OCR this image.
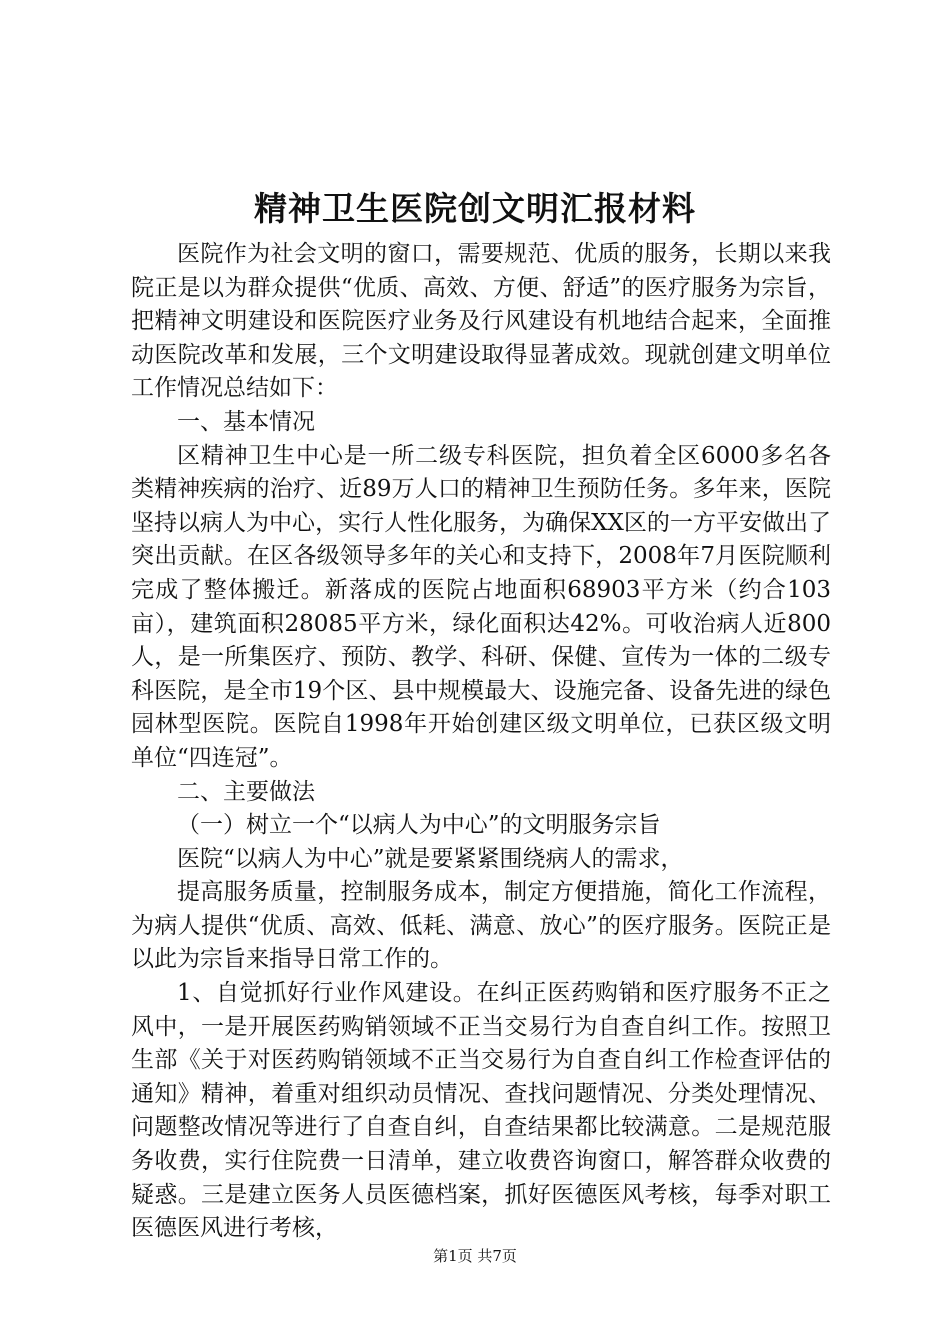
精神卫生医院创文明汇报材料

医院作为社会文明的窗口，需要规范、优质的服务，长期以来我院正是以为群众提供“优质、高效、方便、舒适”的医疗服务为宗旨，把精神文明建设和医院医疗业务及行风建设有机地结合起来，全面推动医院改革和发展，三个文明建设取得显著成效。现就创建文明单位工作情况总结如下：

一、基本情况

区精神卫生中心是一所二级专科医院，担负着全区6000多名各类精神疾病的治疗、近89万人口的精神卫生预防任务。多年来，医院坚持以病人为中心，实行人性化服务，为确保XX区的一方平安做出了突出贡献。在区各级领导多年的关心和支持下，2008年7月医院顺利完成了整体搬迁。新落成的医院占地面积68903平方米（约合103亩），建筑面积28085平方米，绿化面积达42%。可收治病人近800人，是一所集医疗、预防、教学、科研、保健、宣传为一体的二级专科医院，是全市19个区、县中规模最大、设施完备、设备先进的绿色园林型医院。医院自1998年开始创建区级文明单位，已获区级文明单位“四连冠”。

二、主要做法

（一）树立一个“以病人为中心”的文明服务宗旨

医院“以病人为中心”就是要紧紧围绕病人的需求，

提高服务质量，控制服务成本，制定方便措施，简化工作流程，为病人提供“优质、高效、低耗、满意、放心”的医疗服务。医院正是以此为宗旨来指导日常工作的。

1、自觉抓好行业作风建设。在纠正医药购销和医疗服务不正之风中，一是开展医药购销领域不正当交易行为自查自纠工作。按照卫生部《关于对医药购销领域不正当交易行为自查自纠工作检查评估的通知》精神，着重对组织动员情况、查找问题情况、分类处理情况、问题整改情况等进行了自查自纠，自查结果都比较满意。二是规范服务收费，实行住院费一日清单，建立收费咨询窗口，解答群众收费的疑惑。三是建立医务人员医德档案，抓好医德医风考核，每季对职工医德医风进行考核，

第1页 共7页
